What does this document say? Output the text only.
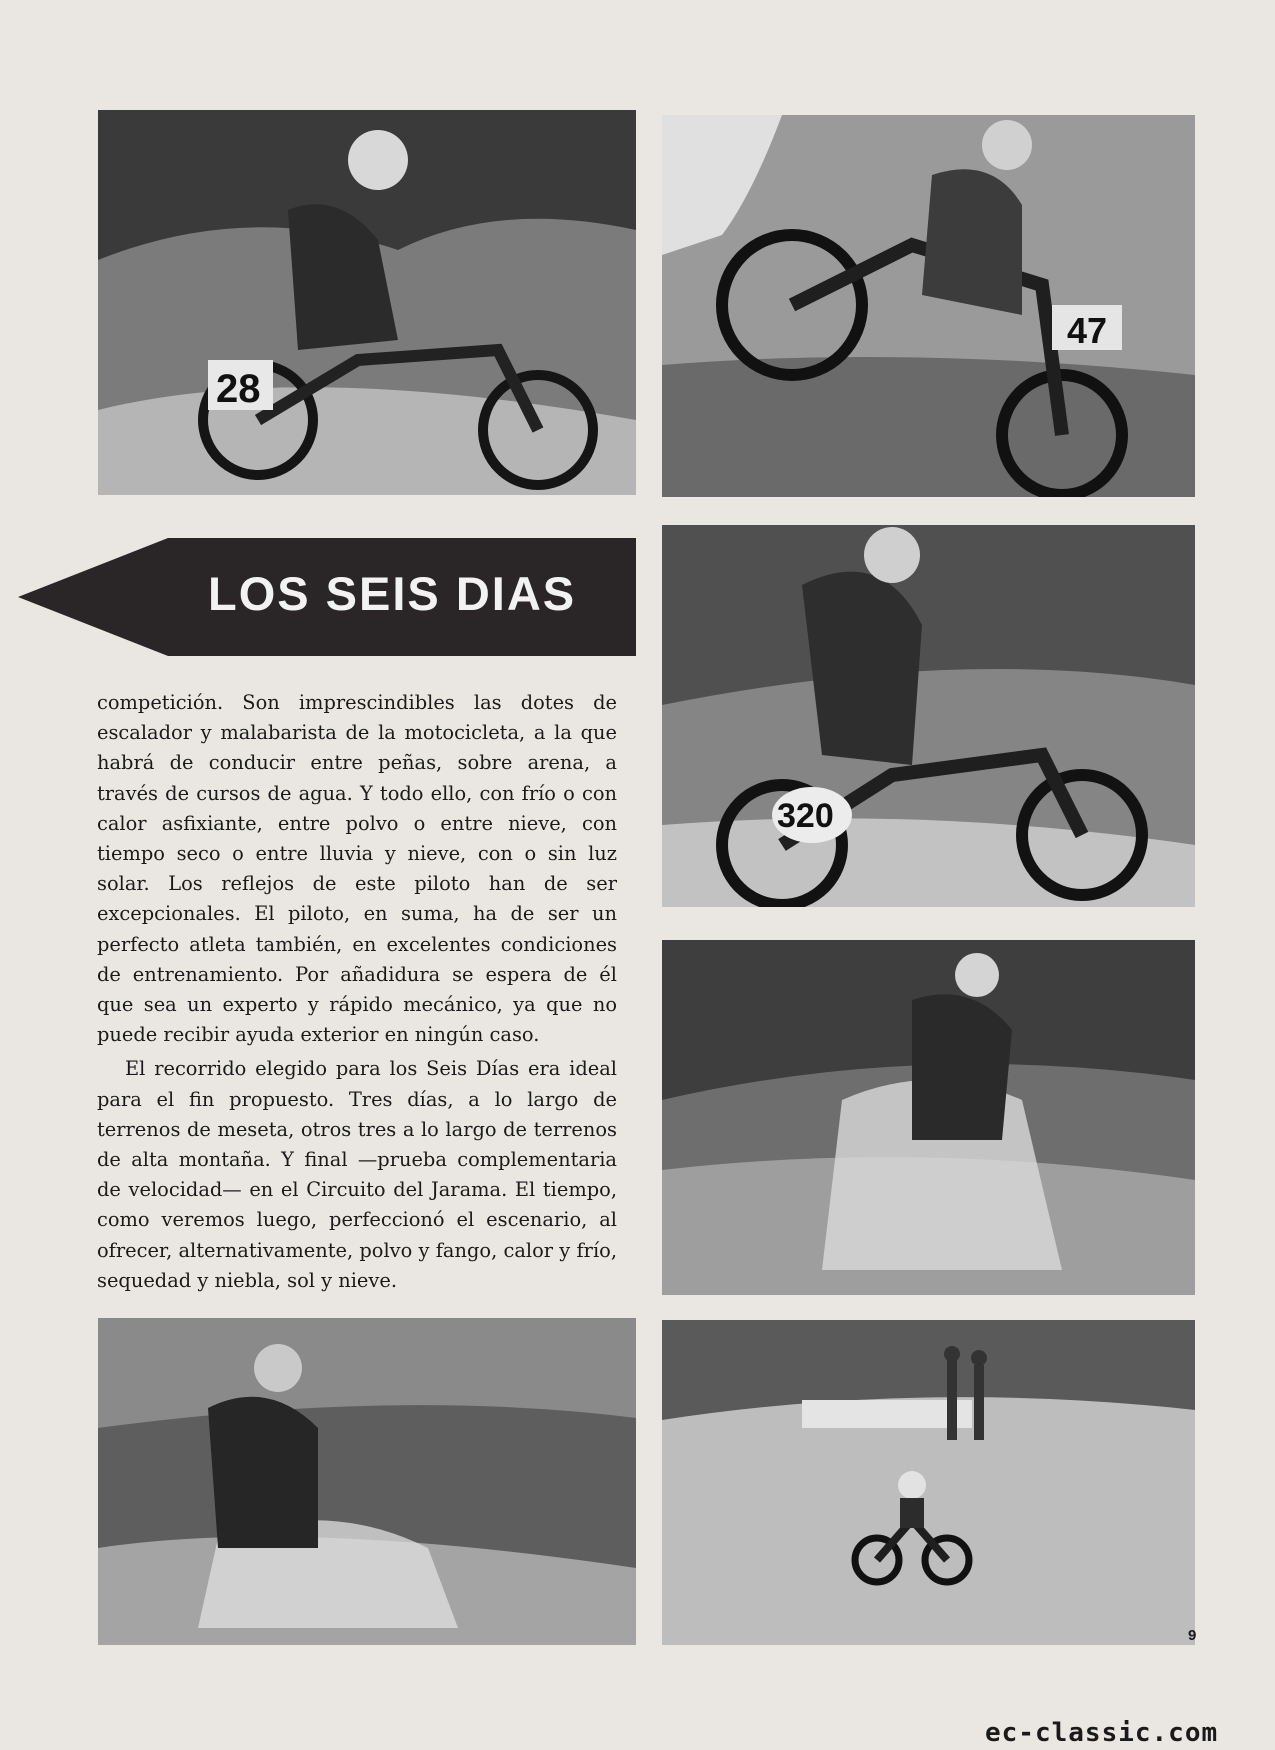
28
47
LOS SEIS DIAS
320

competición. Son imprescindibles las dotes de escalador y malabarista de la motocicleta, a la que habrá de conducir entre peñas, sobre arena, a través de cursos de agua. Y todo ello, con frío o con calor asfixiante, entre polvo o entre nieve, con tiempo seco o entre lluvia y nieve, con o sin luz solar. Los reflejos de este piloto han de ser excepcionales. El piloto, en suma, ha de ser un perfecto atleta también, en excelentes condiciones de entrenamiento. Por añadidura se espera de él que sea un experto y rápido mecánico, ya que no puede recibir ayuda exterior en ningún caso.

El recorrido elegido para los Seis Días era ideal para el fin propuesto. Tres días, a lo largo de terrenos de meseta, otros tres a lo largo de terrenos de alta montaña. Y final —prueba complementaria de velocidad— en el Circuito del Jarama. El tiempo, como veremos luego, perfeccionó el escenario, al ofrecer, alternativamente, polvo y fango, calor y frío, sequedad y niebla, sol y nieve.

9
ec-classic.com
